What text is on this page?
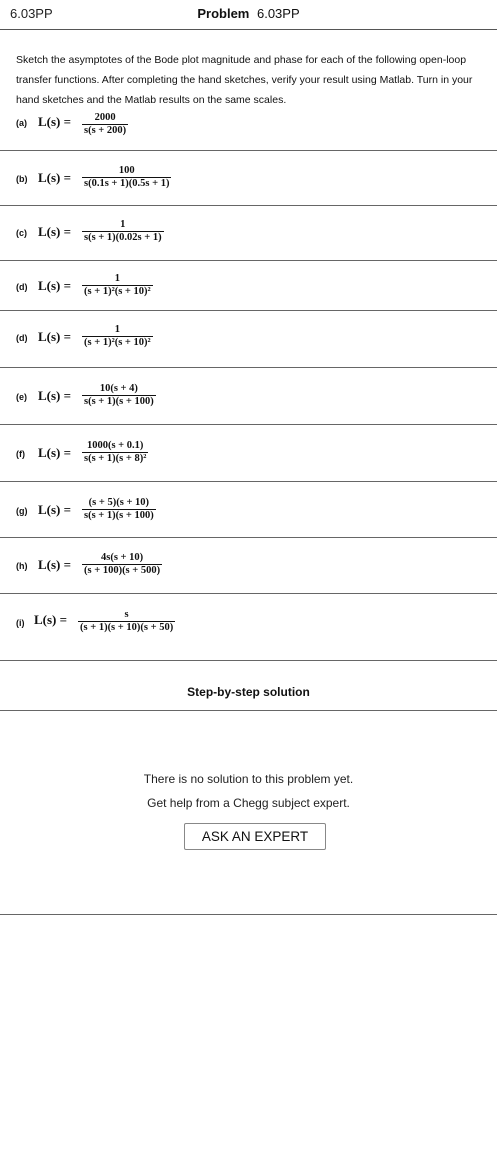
6.03PP	Problem 6.03PP
Sketch the asymptotes of the Bode plot magnitude and phase for each of the following open-loop transfer functions. After completing the hand sketches, verify your result using Matlab. Turn in your hand sketches and the Matlab results on the same scales.
(a) $L(s) = \frac{2000}{s(s + 200)}$
(b) $L(s) = \frac{100}{s(0.1s + 1)(0.5s + 1)}$
(c) $L(s) = \frac{1}{s(s + 1)(0.02s + 1)}$
(d) $L(s) = \frac{1}{\text{(s + 1)²(s + 10)²}}$
(d) $L(s) = \frac{1}{\text{(s + 1)²(s + 10)²}}$
(e) $L(s) = \frac{10(s + 4)}{s(s + 1)(s + 100)}$
(f) $L(s) = \frac{1000(s + 0.1)}{\text{s(s + 1)(s + 8)²}}$
(g) $L(s) = \frac{(s + 5)(s + 10)}{s(s + 1)(s + 100)}$
(h) $L(s) = \frac{4s(s + 10)}{(s + 100)(s + 500)}$
(i) $L(s) = \frac{s}{(s + 1)(s + 10)(s + 50)}$
Step-by-step solution
There is no solution to this problem yet.
Get help from a Chegg subject expert.
ASK AN EXPERT
